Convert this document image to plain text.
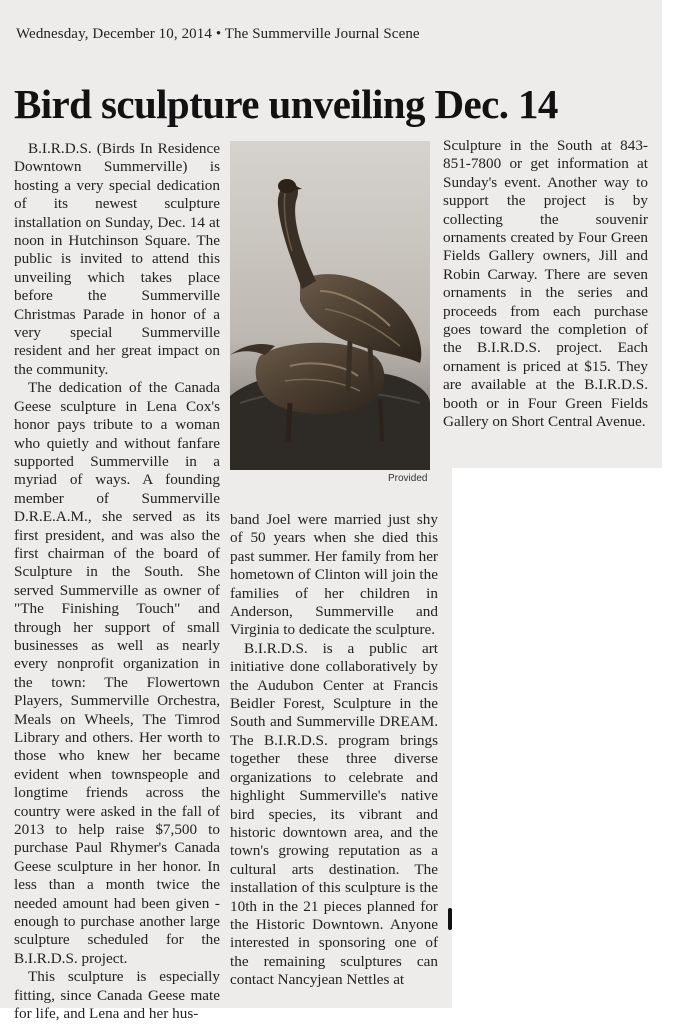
Wednesday, December 10, 2014 • The Summerville Journal Scene
Bird sculpture unveiling Dec. 14

B.I.R.D.S. (Birds In Residence Downtown Summerville) is hosting a very special dedication of its newest sculpture installation on Sunday, Dec. 14 at noon in Hutchinson Square. The public is invited to attend this unveiling which takes place before the Summerville Christmas Parade in honor of a very special Summerville resident and her great impact on the community.

The dedication of the Canada Geese sculpture in Lena Cox's honor pays tribute to a woman who quietly and without fanfare supported Summerville in a myriad of ways. A founding member of Summerville D.R.E.A.M., she served as its first president, and was also the first chairman of the board of Sculpture in the South. She served Summerville as owner of "The Finishing Touch" and through her support of small businesses as well as nearly every nonprofit organization in the town: The Flowertown Players, Summerville Orchestra, Meals on Wheels, The Timrod Library and others. Her worth to those who knew her became evident when townspeople and longtime friends across the country were asked in the fall of 2013 to help raise $7,500 to purchase Paul Rhymer's Canada Geese sculpture in her honor. In less than a month twice the needed amount had been given - enough to purchase another large sculpture scheduled for the B.I.R.D.S. project.

This sculpture is especially fitting, since Canada Geese mate for life, and Lena and her hus-

Provided

band Joel were married just shy of 50 years when she died this past summer. Her family from her hometown of Clinton will join the families of her children in Anderson, Summerville and Virginia to dedicate the sculpture.

B.I.R.D.S. is a public art initiative done collaboratively by the Audubon Center at Francis Beidler Forest, Sculpture in the South and Summerville DREAM. The B.I.R.D.S. program brings together these three diverse organizations to celebrate and highlight Summerville's native bird species, its vibrant and historic downtown area, and the town's growing reputation as a cultural arts destination. The installation of this sculpture is the 10th in the 21 pieces planned for the Historic Downtown. Anyone interested in sponsoring one of the remaining sculptures can contact Nancyjean Nettles at

Sculpture in the South at 843-851-7800 or get information at Sunday's event. Another way to support the project is by collecting the souvenir ornaments created by Four Green Fields Gallery owners, Jill and Robin Carway. There are seven ornaments in the series and proceeds from each purchase goes toward the completion of the B.I.R.D.S. project. Each ornament is priced at $15. They are available at the B.I.R.D.S. booth or in Four Green Fields Gallery on Short Central Avenue.
